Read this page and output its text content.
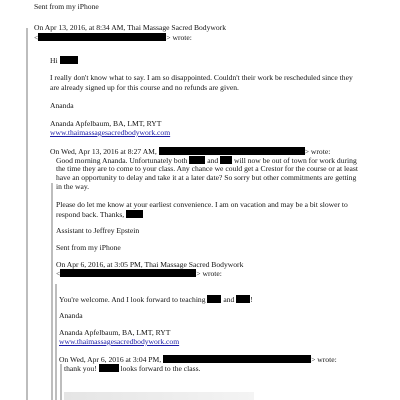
Sent from my iPhone
On Apr 13, 2016, at 8:34 AM, Thai Massage Sacred Bodywork
<	> wrote:
Hi
I really don't know what to say. I am so disappointed. Couldn't their work be rescheduled since they
are already signed up for this course and no refunds are given.
Ananda
Ananda Apfelbaum, BA, LMT, RYT
www.thaimassagesacredbodywork.com
On Wed, Apr 13, 2016 at 8:27 AM,	> wrote:
Good morning Ananda. Unfortunately both	and will now be out of town for work during
the time they are to come to your class. Any chance we could get a Crestor for the course or at least
have an opportunity to delay and take it at a later date? So sorry but other commitments are getting
in the way.
Please do let me know at your earliest convenience. I am on vacation and may be a bit slower to
respond back. Thanks,
Assistant to Jeffrey Epstein
Sent from my iPhone
On Apr 6, 2016, at 3:05 PM, Thai Massage Sacred Bodywork
<	> wrote:
You're welcome. And I look forward to teaching and !
Ananda
Ananda Apfelbaum, BA, LMT, RYT
www.thaimassagesacredbodywork.com
On Wed, Apr 6, 2016 at 3:04 PM,	> wrote:
thank you!	looks forward to the class.
